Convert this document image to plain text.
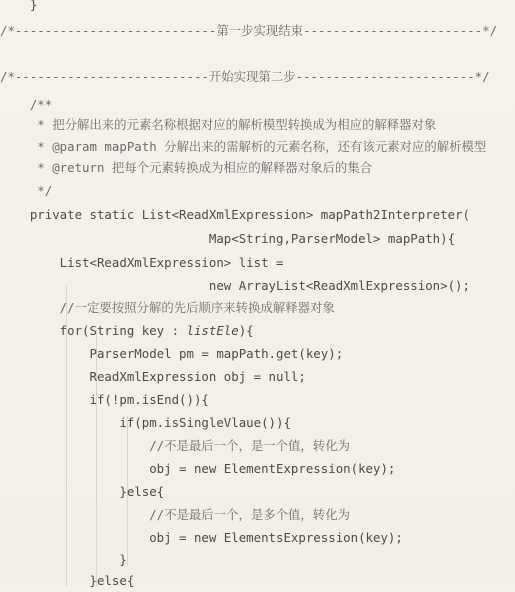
}
/*---------------------------第一步实现结束------------------------*/
/*--------------------------开始实现第二步------------------------*/
/**
* 把分解出来的元素名称根据对应的解析模型转换成为相应的解释器对象
* @param mapPath 分解出来的需解析的元素名称，还有该元素对应的解析模型
* @return 把每个元素转换成为相应的解释器对象后的集合
*/
private static List<ReadXmlExpression> mapPath2Interpreter(
Map<String,ParserModel> mapPath){
List<ReadXmlExpression> list =
new ArrayList<ReadXmlExpression>();
//一定要按照分解的先后顺序来转换成解释器对象
for(String key : listEle){
ParserModel pm = mapPath.get(key);
ReadXmlExpression obj = null;
if(!pm.isEnd()){
if(pm.isSingleVlaue()){
//不是最后一个，是一个值，转化为
obj = new ElementExpression(key);
}else{
//不是最后一个，是多个值，转化为
obj = new ElementsExpression(key);
}
}else{
